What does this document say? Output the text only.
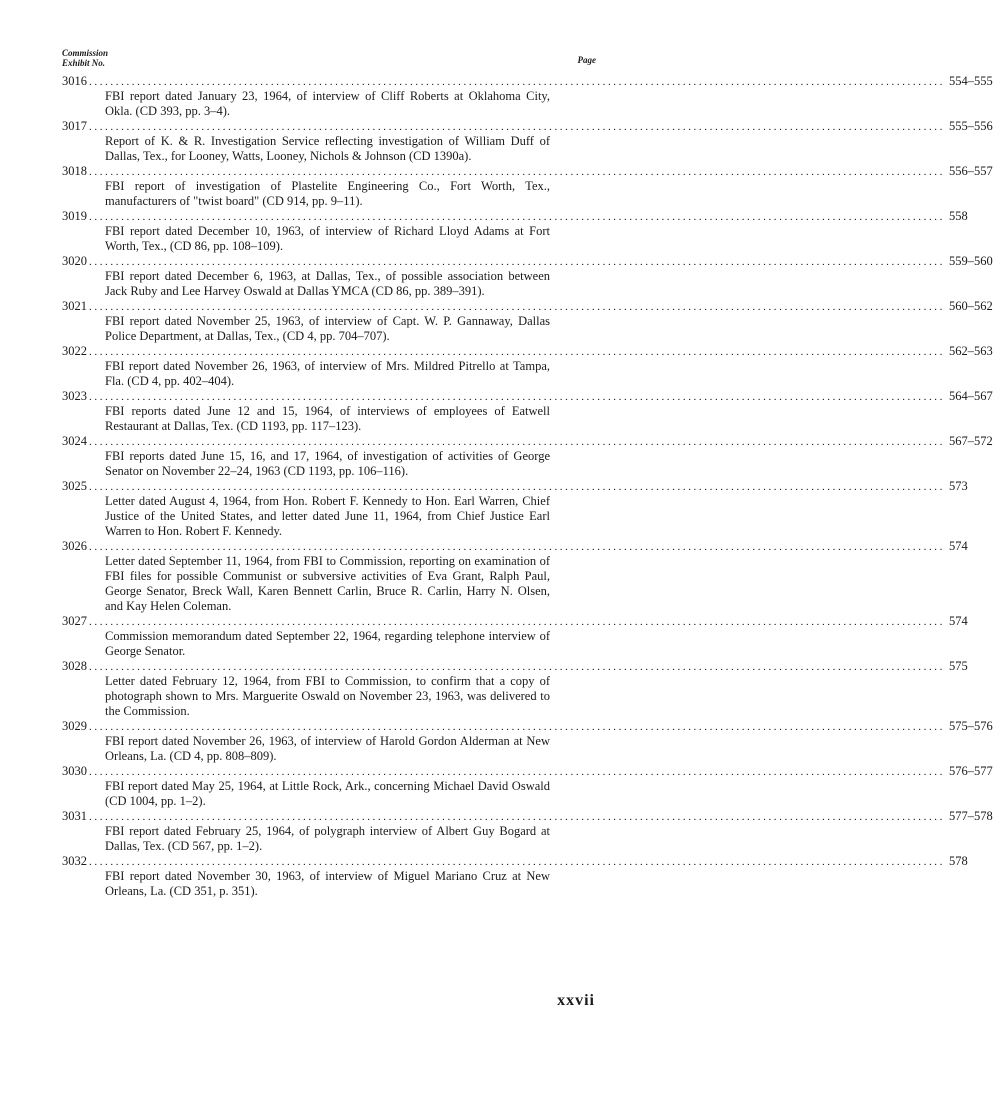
Commission
Exhibit No.	Page
3016 ................................................................................................................................................................ 554–555
FBI report dated January 23, 1964, of interview of Cliff Roberts at Oklahoma City, Okla. (CD 393, pp. 3–4).
3017 ................................................................................................................................................................ 555–556
Report of K. & R. Investigation Service reflecting investigation of William Duff of Dallas, Tex., for Looney, Watts, Looney, Nichols & Johnson (CD 1390a).
3018 ................................................................................................................................................................ 556–557
FBI report of investigation of Plastelite Engineering Co., Fort Worth, Tex., manufacturers of "twist board" (CD 914, pp. 9–11).
3019 ................................................................................................................................................................ 558
FBI report dated December 10, 1963, of interview of Richard Lloyd Adams at Fort Worth, Tex., (CD 86, pp. 108–109).
3020 ................................................................................................................................................................ 559–560
FBI report dated December 6, 1963, at Dallas, Tex., of possible association between Jack Ruby and Lee Harvey Oswald at Dallas YMCA (CD 86, pp. 389–391).
3021 ................................................................................................................................................................ 560–562
FBI report dated November 25, 1963, of interview of Capt. W. P. Gannaway, Dallas Police Department, at Dallas, Tex., (CD 4, pp. 704–707).
3022 ................................................................................................................................................................ 562–563
FBI report dated November 26, 1963, of interview of Mrs. Mildred Pitrello at Tampa, Fla. (CD 4, pp. 402–404).
3023 ................................................................................................................................................................ 564–567
FBI reports dated June 12 and 15, 1964, of interviews of employees of Eatwell Restaurant at Dallas, Tex. (CD 1193, pp. 117–123).
3024 ................................................................................................................................................................ 567–572
FBI reports dated June 15, 16, and 17, 1964, of investigation of activities of George Senator on November 22–24, 1963 (CD 1193, pp. 106–116).
3025 ................................................................................................................................................................ 573
Letter dated August 4, 1964, from Hon. Robert F. Kennedy to Hon. Earl Warren, Chief Justice of the United States, and letter dated June 11, 1964, from Chief Justice Earl Warren to Hon. Robert F. Kennedy.
3026 ................................................................................................................................................................ 574
Letter dated September 11, 1964, from FBI to Commission, reporting on examination of FBI files for possible Communist or subversive activities of Eva Grant, Ralph Paul, George Senator, Breck Wall, Karen Bennett Carlin, Bruce R. Carlin, Harry N. Olsen, and Kay Helen Coleman.
3027 ................................................................................................................................................................ 574
Commission memorandum dated September 22, 1964, regarding telephone interview of George Senator.
3028 ................................................................................................................................................................ 575
Letter dated February 12, 1964, from FBI to Commission, to confirm that a copy of photograph shown to Mrs. Marguerite Oswald on November 23, 1963, was delivered to the Commission.
3029 ................................................................................................................................................................ 575–576
FBI report dated November 26, 1963, of interview of Harold Gordon Alderman at New Orleans, La. (CD 4, pp. 808–809).
3030 ................................................................................................................................................................ 576–577
FBI report dated May 25, 1964, at Little Rock, Ark., concerning Michael David Oswald (CD 1004, pp. 1–2).
3031 ................................................................................................................................................................ 577–578
FBI report dated February 25, 1964, of polygraph interview of Albert Guy Bogard at Dallas, Tex. (CD 567, pp. 1–2).
3032 ................................................................................................................................................................ 578
FBI report dated November 30, 1963, of interview of Miguel Mariano Cruz at New Orleans, La. (CD 351, p. 351).
xxvii
